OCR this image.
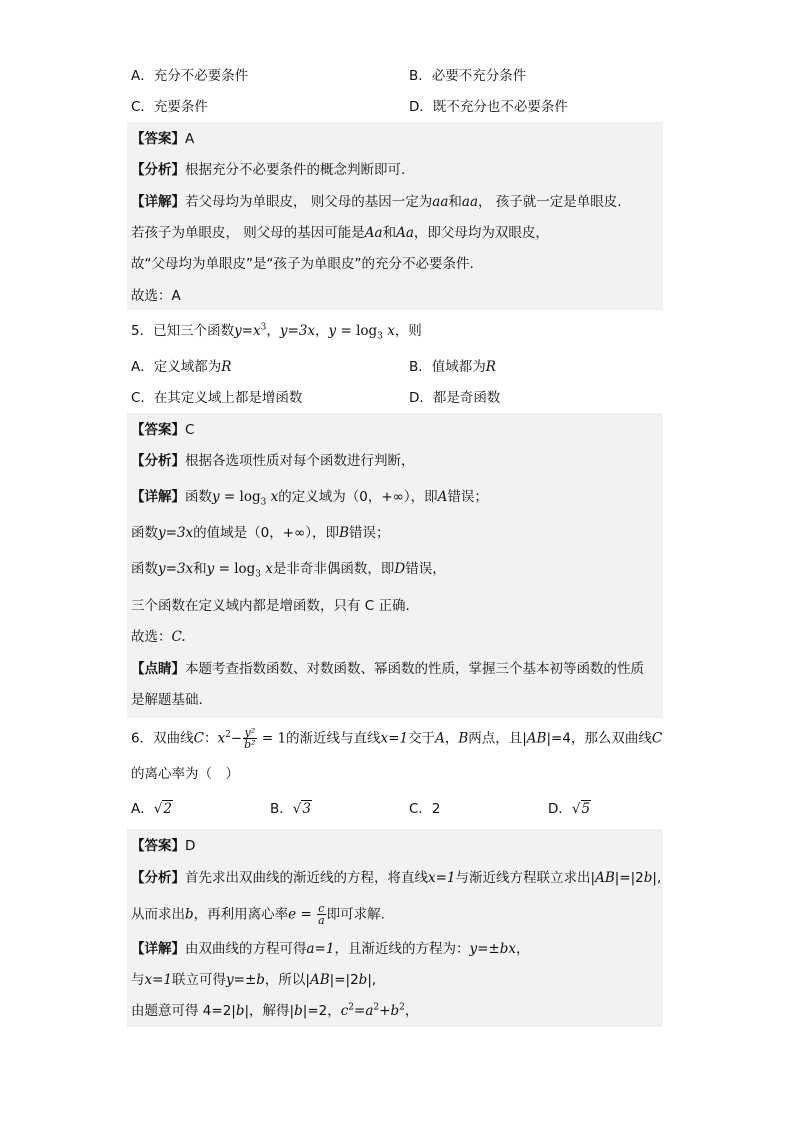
A．充分不必要条件	B．必要不充分条件
C．充要条件	D．既不充分也不必要条件
【答案】A
【分析】根据充分不必要条件的概念判断即可.
【详解】若父母均为单眼皮， 则父母的基因一定为aa和aa， 孩子就一定是单眼皮.
若孩子为单眼皮， 则父母的基因可能是Aa和Aa，即父母均为双眼皮，
故“父母均为单眼皮”是“孩子为单眼皮”的充分不必要条件.
故选：A
5．已知三个函数$y=x^3$，y=3x，$y = \log_3 x$，则
A．定义域都为R	B．值域都为R
C．在其定义域上都是增函数	D．都是奇函数
【答案】C
【分析】根据各选项性质对每个函数进行判断，
【详解】函数$y = \log_3 x$的定义域为（0，+∞），即A错误；
函数y=3x的值域是（0，+∞），即B错误；
函数y=3x和$y = \log_3 x$是非奇非偶函数，即D错误，
三个函数在定义域内都是增函数，只有 C 正确.
故选：C.
【点睛】本题考查指数函数、对数函数、幂函数的性质，掌握三个基本初等函数的性质
是解题基础.
6．双曲线C：$x^2- \frac{\text{y²}}{\text{b²}} = 1$的渐近线与直线x=1交于A，B两点，且|AB|=4，那么双曲线C
的离心率为（　）
A．√2	B．√3	C．2	D．√5
【答案】D
【分析】首先求出双曲线的渐近线的方程，将直线x=1与渐近线方程联立求出|AB|=|2b|,
从而求出b，再利用离心率$e = \frac{c}{a}$ 即可求解.
【详解】由双曲线的方程可得a=1，且渐近线的方程为：y=±bx，
与x=1联立可得y=±b，所以|AB|=|2b|,
由题意可得 4=2|b|，解得|b|=2，$c^2=a^2+b^2$，
